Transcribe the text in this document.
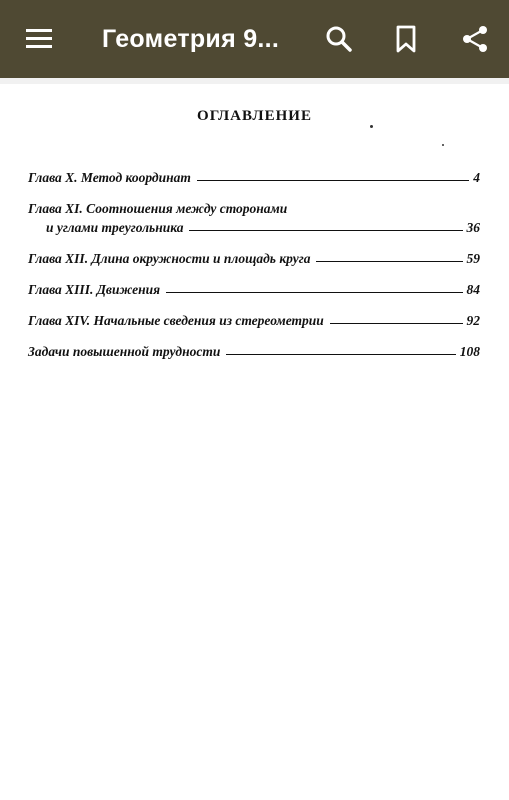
Геометрия 9...
ОГЛАВЛЕНИЕ
Глава X. Метод координат	4
Глава XI. Соотношения между сторонами
и углами треугольника	36
Глава XII. Длина окружности и площадь круга	59
Глава XIII. Движения	84
Глава XIV. Начальные сведения из стереометрии	92
Задачи повышенной трудности	108
